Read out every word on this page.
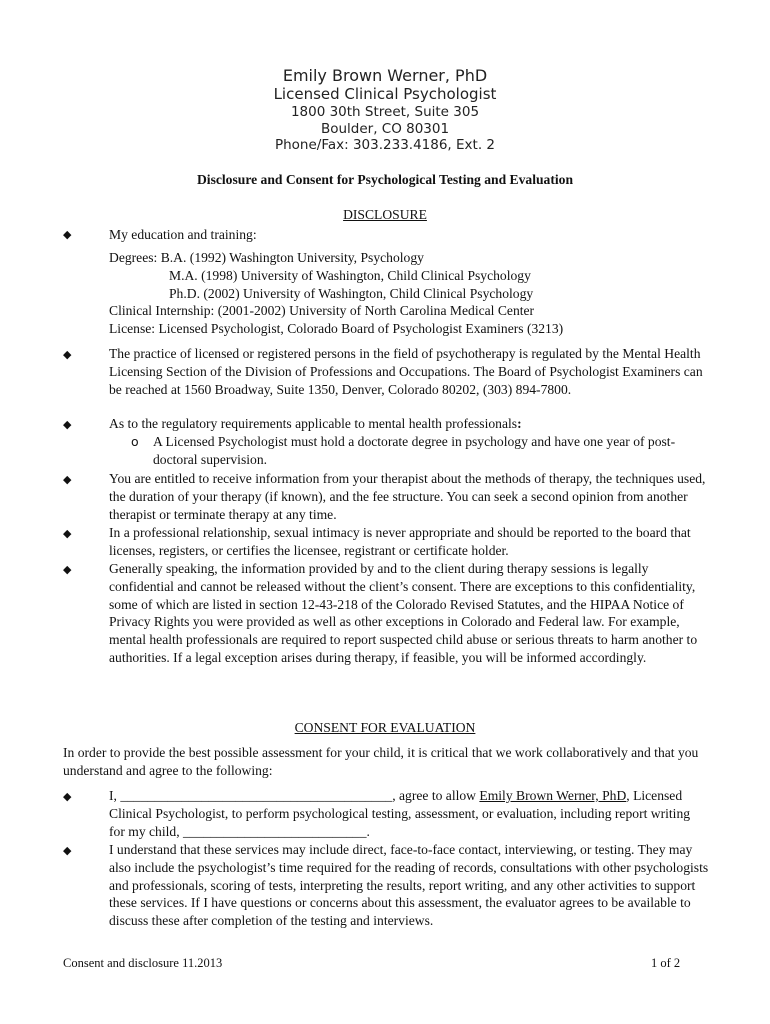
Emily Brown Werner, PhD
Licensed Clinical Psychologist
1800 30th Street, Suite 305
Boulder, CO 80301
Phone/Fax: 303.233.4186, Ext. 2
Disclosure and Consent for Psychological Testing and Evaluation
DISCLOSURE
◆	My education and training:
Degrees: B.A. (1992) Washington University, Psychology
M.A. (1998) University of Washington, Child Clinical Psychology
Ph.D. (2002) University of Washington, Child Clinical Psychology
Clinical Internship: (2001-2002) University of North Carolina Medical Center
License: Licensed Psychologist, Colorado Board of Psychologist Examiners (3213)
◆	The practice of licensed or registered persons in the field of psychotherapy is regulated by the Mental Health Licensing Section of the Division of Professions and Occupations. The Board of Psychologist Examiners can be reached at 1560 Broadway, Suite 1350, Denver, Colorado 80202, (303) 894-7800.
◆	As to the regulatory requirements applicable to mental health professionals:
o A Licensed Psychologist must hold a doctorate degree in psychology and have one year of post-doctoral supervision.
◆	You are entitled to receive information from your therapist about the methods of therapy, the techniques used, the duration of your therapy (if known), and the fee structure. You can seek a second opinion from another therapist or terminate therapy at any time.
◆	In a professional relationship, sexual intimacy is never appropriate and should be reported to the board that licenses, registers, or certifies the licensee, registrant or certificate holder.
◆	Generally speaking, the information provided by and to the client during therapy sessions is legally confidential and cannot be released without the client’s consent. There are exceptions to this confidentiality, some of which are listed in section 12-43-218 of the Colorado Revised Statutes, and the HIPAA Notice of Privacy Rights you were provided as well as other exceptions in Colorado and Federal law. For example, mental health professionals are required to report suspected child abuse or serious threats to harm another to authorities. If a legal exception arises during therapy, if feasible, you will be informed accordingly.
CONSENT FOR EVALUATION
In order to provide the best possible assessment for your child, it is critical that we work collaboratively and that you understand and agree to the following:
◆	I, ________________________________________, agree to allow Emily Brown Werner, PhD, Licensed Clinical Psychologist, to perform psychological testing, assessment, or evaluation, including report writing for my child, ___________________________.
◆	I understand that these services may include direct, face-to-face contact, interviewing, or testing. They may also include the psychologist’s time required for the reading of records, consultations with other psychologists and professionals, scoring of tests, interpreting the results, report writing, and any other activities to support these services. If I have questions or concerns about this assessment, the evaluator agrees to be available to discuss these after completion of the testing and interviews.
Consent and disclosure 11.2013	1 of 2
